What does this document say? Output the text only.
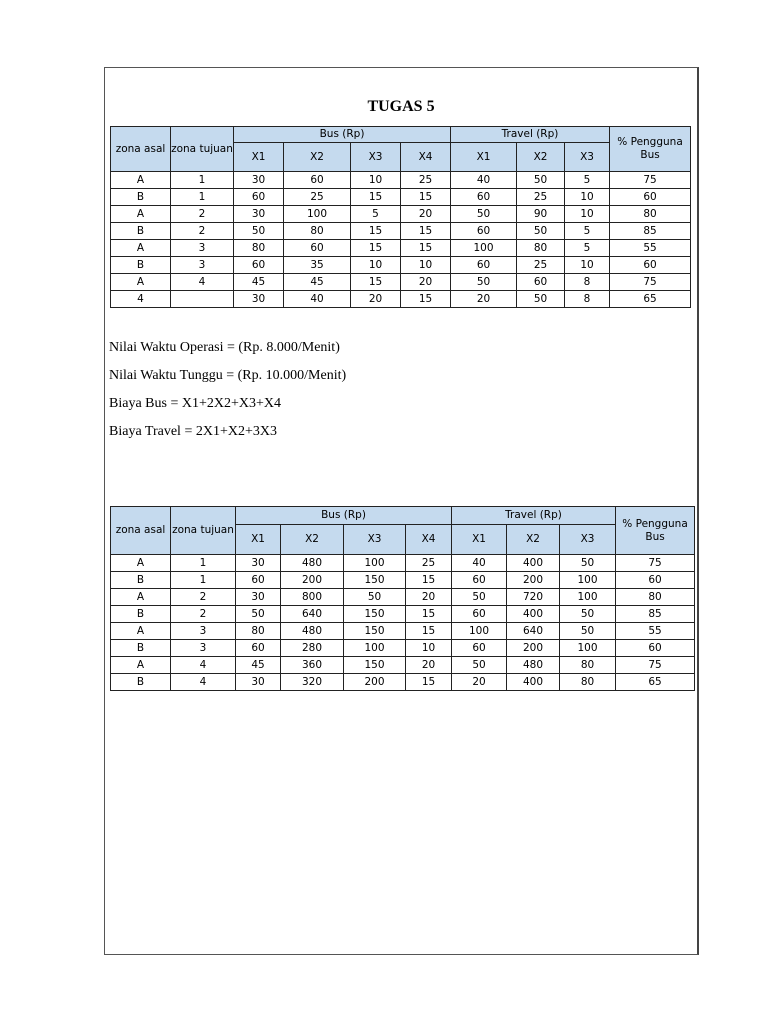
TUGAS 5
zona asal	zona tujuan	Bus (Rp)				Travel (Rp)			% Pengguna Bus
		X1	X2	X3	X4	X1	X2	X3	
A	1	30	60	10	25	40	50	5	75
B	1	60	25	15	15	60	25	10	60
A	2	30	100	5	20	50	90	10	80
B	2	50	80	15	15	60	50	5	85
A	3	80	60	15	15	100	80	5	55
B	3	60	35	10	10	60	25	10	60
A	4	45	45	15	20	50	60	8	75
4		30	40	20	15	20	50	8	65

Nilai Waktu Operasi = (Rp. 8.000/Menit)

Nilai Waktu Tunggu = (Rp. 10.000/Menit)

Biaya Bus = X1+2X2+X3+X4

Biaya Travel = 2X1+X2+3X3

zona asal	zona tujuan	Bus (Rp)				Travel (Rp)			% Pengguna Bus
		X1	X2	X3	X4	X1	X2	X3	
A	1	30	480	100	25	40	400	50	75
B	1	60	200	150	15	60	200	100	60
A	2	30	800	50	20	50	720	100	80
B	2	50	640	150	15	60	400	50	85
A	3	80	480	150	15	100	640	50	55
B	3	60	280	100	10	60	200	100	60
A	4	45	360	150	20	50	480	80	75
B	4	30	320	200	15	20	400	80	65
